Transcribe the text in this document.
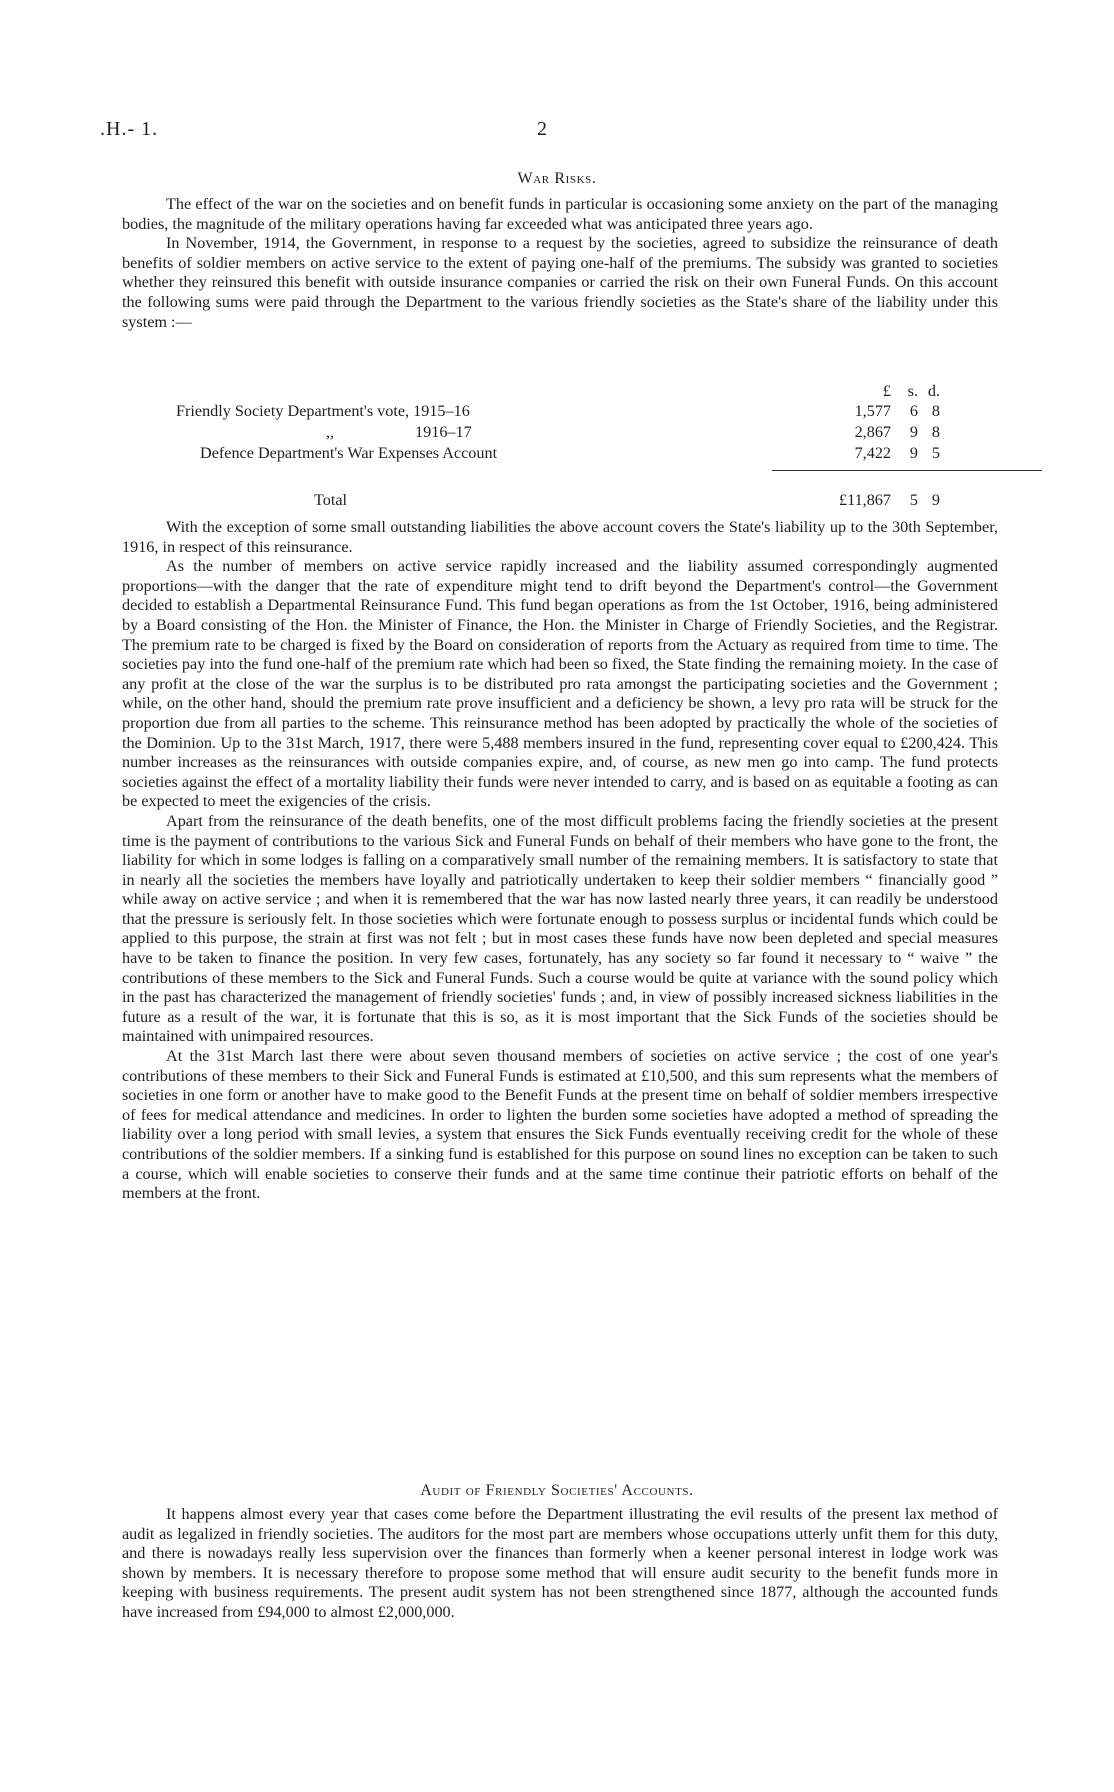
.H.- 1.	2
War Risks.

The effect of the war on the societies and on benefit funds in particular is occasioning some anxiety on the part of the managing bodies, the magnitude of the military operations having far exceeded what was anticipated three years ago.

In November, 1914, the Government, in response to a request by the societies, agreed to subsidize the reinsurance of death benefits of soldier members on active service to the extent of paying one-half of the premiums. The subsidy was granted to societies whether they reinsured this benefit with outside insurance companies or carried the risk on their own Funeral Funds. On this account the following sums were paid through the Department to the various friendly societies as the State's share of the liability under this system :—

£	s. d.
Friendly Society Department's vote, 1915–16	1,577	6 8
,,                    1916–17	2,867	9 8
Defence Department's War Expenses Account	7,422	9 5
Total	£11,867	5 9

With the exception of some small outstanding liabilities the above account covers the State's liability up to the 30th September, 1916, in respect of this reinsurance.

As the number of members on active service rapidly increased and the liability assumed correspondingly augmented proportions—with the danger that the rate of expenditure might tend to drift beyond the Department's control—the Government decided to establish a Departmental Reinsurance Fund. This fund began operations as from the 1st October, 1916, being administered by a Board consisting of the Hon. the Minister of Finance, the Hon. the Minister in Charge of Friendly Societies, and the Registrar. The premium rate to be charged is fixed by the Board on consideration of reports from the Actuary as required from time to time. The societies pay into the fund one-half of the premium rate which had been so fixed, the State finding the remaining moiety. In the case of any profit at the close of the war the surplus is to be distributed pro rata amongst the participating societies and the Government ; while, on the other hand, should the premium rate prove insufficient and a deficiency be shown, a levy pro rata will be struck for the proportion due from all parties to the scheme. This reinsurance method has been adopted by practically the whole of the societies of the Dominion. Up to the 31st March, 1917, there were 5,488 members insured in the fund, representing cover equal to £200,424. This number increases as the reinsurances with outside companies expire, and, of course, as new men go into camp. The fund protects societies against the effect of a mortality liability their funds were never intended to carry, and is based on as equitable a footing as can be expected to meet the exigencies of the crisis.

Apart from the reinsurance of the death benefits, one of the most difficult problems facing the friendly societies at the present time is the payment of contributions to the various Sick and Funeral Funds on behalf of their members who have gone to the front, the liability for which in some lodges is falling on a comparatively small number of the remaining members. It is satisfactory to state that in nearly all the societies the members have loyally and patriotically undertaken to keep their soldier members “ financially good ” while away on active service ; and when it is remembered that the war has now lasted nearly three years, it can readily be understood that the pressure is seriously felt. In those societies which were fortunate enough to possess surplus or incidental funds which could be applied to this purpose, the strain at first was not felt ; but in most cases these funds have now been depleted and special measures have to be taken to finance the position. In very few cases, fortunately, has any society so far found it necessary to “ waive ” the contributions of these members to the Sick and Funeral Funds. Such a course would be quite at variance with the sound policy which in the past has characterized the management of friendly societies' funds ; and, in view of possibly increased sickness liabilities in the future as a result of the war, it is fortunate that this is so, as it is most important that the Sick Funds of the societies should be maintained with unimpaired resources.

At the 31st March last there were about seven thousand members of societies on active service ; the cost of one year's contributions of these members to their Sick and Funeral Funds is estimated at £10,500, and this sum represents what the members of societies in one form or another have to make good to the Benefit Funds at the present time on behalf of soldier members irrespective of fees for medical attendance and medicines. In order to lighten the burden some societies have adopted a method of spreading the liability over a long period with small levies, a system that ensures the Sick Funds eventually receiving credit for the whole of these contributions of the soldier members. If a sinking fund is established for this purpose on sound lines no exception can be taken to such a course, which will enable societies to conserve their funds and at the same time continue their patriotic efforts on behalf of the members at the front.

Audit of Friendly Societies' Accounts.

It happens almost every year that cases come before the Department illustrating the evil results of the present lax method of audit as legalized in friendly societies. The auditors for the most part are members whose occupations utterly unfit them for this duty, and there is nowadays really less supervision over the finances than formerly when a keener personal interest in lodge work was shown by members. It is necessary therefore to propose some method that will ensure audit security to the benefit funds more in keeping with business requirements. The present audit system has not been strengthened since 1877, although the accounted funds have increased from £94,000 to almost £2,000,000.
